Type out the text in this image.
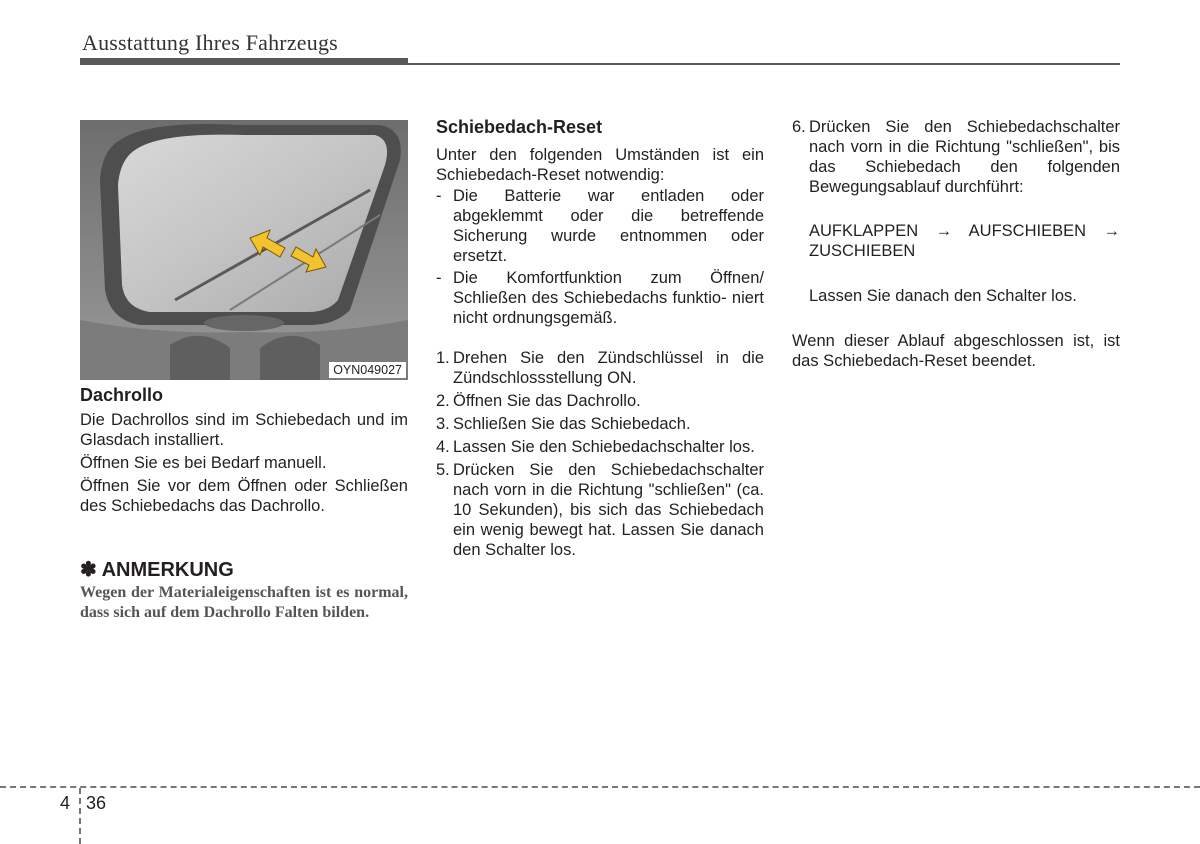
Ausstattung Ihres Fahrzeugs
OYN049027
Dachrollo

Die Dachrollos sind im Schiebedach und im Glasdach installiert.

Öffnen Sie es bei Bedarf manuell.

Öffnen Sie vor dem Öffnen oder Schließen des Schiebedachs das Dachrollo.

✽ ANMERKUNG
Wegen der Materialeigenschaften ist es normal, dass sich auf dem Dachrollo Falten bilden.
Schiebedach-Reset

Unter den folgenden Umständen ist ein Schiebedach-Reset notwendig:

- Die Batterie war entladen oder abgeklemmt oder die betreffende Sicherung wurde entnommen oder ersetzt.
- Die Komfortfunktion zum Öffnen/ Schließen des Schiebedachs funktio- niert nicht ordnungsgemäß.
1. Drehen Sie den Zündschlüssel in die Zündschlossstellung ON.
2. Öffnen Sie das Dachrollo.
3. Schließen Sie das Schiebedach.
4. Lassen Sie den Schiebedachschalter los.
5. Drücken Sie den Schiebedachschalter nach vorn in die Richtung "schließen" (ca. 10 Sekunden), bis sich das Schiebedach ein wenig bewegt hat. Lassen Sie danach den Schalter los.
6. Drücken Sie den Schiebedachschalter nach vorn in die Richtung "schließen", bis das Schiebedach den folgenden Bewegungsablauf durchführt:

AUFKLAPPEN → AUFSCHIEBEN → ZUSCHIEBEN

Lassen Sie danach den Schalter los.

Wenn dieser Ablauf abgeschlossen ist, ist das Schiebedach-Reset beendet.

4 36
